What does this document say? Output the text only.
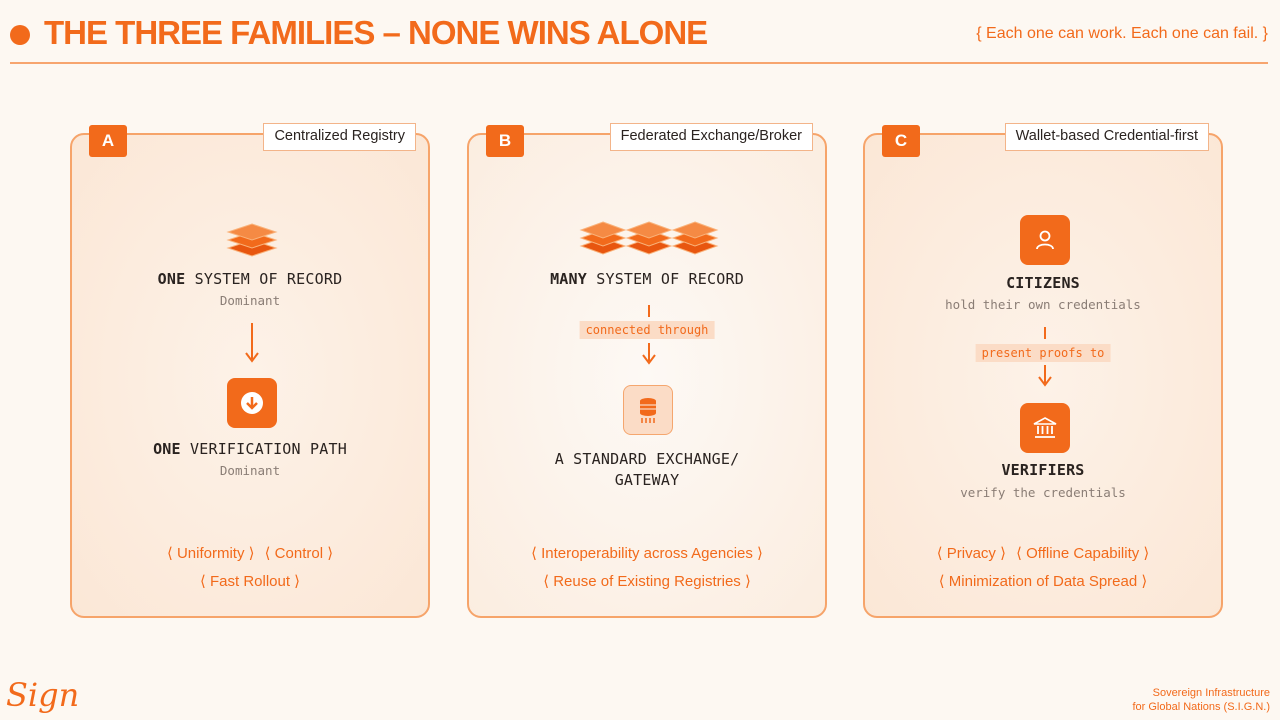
THE THREE FAMILIES – NONE WINS ALONE	{ Each one can work. Each one can fail. }
A	Centralized Registry
ONE SYSTEM OF RECORD
Dominant
ONE VERIFICATION PATH
Dominant
⟨ Uniformity ⟩ ⟨ Control ⟩
⟨ Fast Rollout ⟩
B	Federated Exchange/Broker
MANY SYSTEM OF RECORD
connected through
A STANDARD EXCHANGE/
GATEWAY
⟨ Interoperability across Agencies ⟩
⟨ Reuse of Existing Registries ⟩
C	Wallet-based Credential-first
CITIZENS
hold their own credentials
present proofs to
VERIFIERS
verify the credentials
⟨ Privacy ⟩ ⟨ Offline Capability ⟩
⟨ Minimization of Data Spread ⟩
Sign	Sovereign Infrastructure
for Global Nations (S.I.G.N.)
